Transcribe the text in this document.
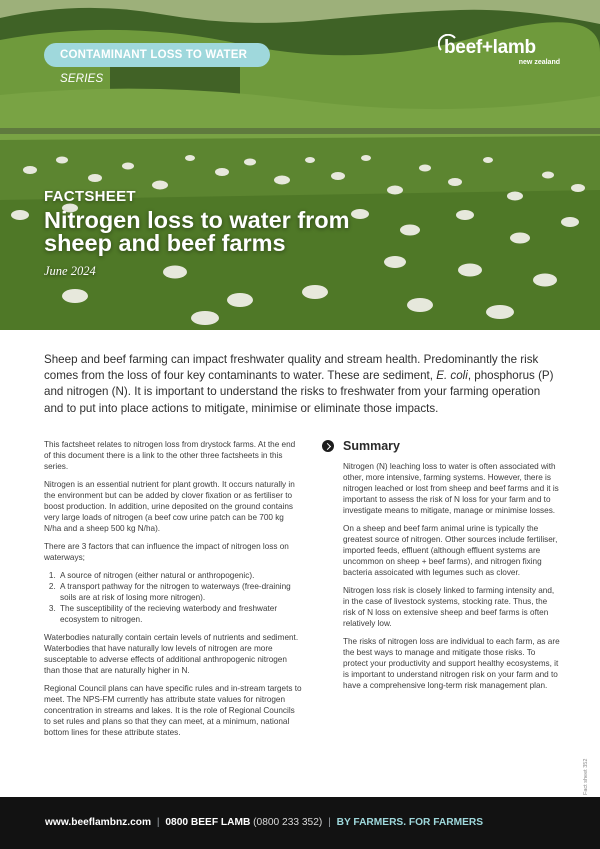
CONTAMINANT LOSS TO WATER SERIES
beef+lamb
new zealand
FACTSHEET
Nitrogen loss to water from sheep and beef farms
June 2024
Sheep and beef farming can impact freshwater quality and stream health. Predominantly the risk comes from the loss of four key contaminants to water. These are sediment, E. coli, phosphorus (P) and nitrogen (N). It is important to understand the risks to freshwater from your farming operation and to put into place actions to mitigate, minimise or eliminate those impacts.

This factsheet relates to nitrogen loss from drystock farms. At the end of this document there is a link to the other three factsheets in this series.

Nitrogen is an essential nutrient for plant growth. It occurs naturally in the environment but can be added by clover fixation or as fertiliser to boost production. In addition, urine deposited on the ground contains very large loads of nitrogen (a beef cow urine patch can be 700 kg N/ha and a sheep 500 kg N/ha).

There are 3 factors that can influence the impact of nitrogen loss on waterways;

1. A source of nitrogen (either natural or anthropogenic).
2. A transport pathway for the nitrogen to waterways (free-draining soils are at risk of losing more nitrogen).
3. The susceptibility of the recieving waterbody and freshwater ecosystem to nitrogen.

Waterbodies naturally contain certain levels of nutrients and sediment. Waterbodies that have naturally low levels of nitrogen are more susceptable to adverse effects of additional anthropogenic nitrogen than those that are naturally higher in N.

Regional Council plans can have specific rules and in-stream targets to meet. The NPS-FM currently has attribute state values for nitrogen concentration in streams and lakes. It is the role of Regional Councils to set rules and plans so that they can meet, at a minimum, national bottom lines for these attribute states.

Summary

Nitrogen (N) leaching loss to water is often associated with other, more intensive, farming systems. However, there is nitrogen leached or lost from sheep and beef farms and it is important to assess the risk of N loss for your farm and to investigate means to mitigate, manage or minimise losses.

On a sheep and beef farm animal urine is typically the greatest source of nitrogen. Other sources include fertiliser, imported feeds, effluent (although effluent systems are uncommon on sheep + beef farms), and nitrogen fixing bacteria assoicated with legumes such as clover.

Nitrogen loss risk is closely linked to farming intensity and, in the case of livestock systems, stocking rate. Thus, the risk of N loss on extensive sheep and beef farms is often relatively low.

The risks of nitrogen loss are individual to each farm, as are the best ways to manage and mitigate those risks. To protect your productivity and support healthy ecosystems, it is important to understand nitrogen risk on your farm and to have a comprehensive long-term risk management plan.

Fact sheet 352
www.beeflambnz.com | 0800 BEEF LAMB (0800 233 352) | BY FARMERS. FOR FARMERS
